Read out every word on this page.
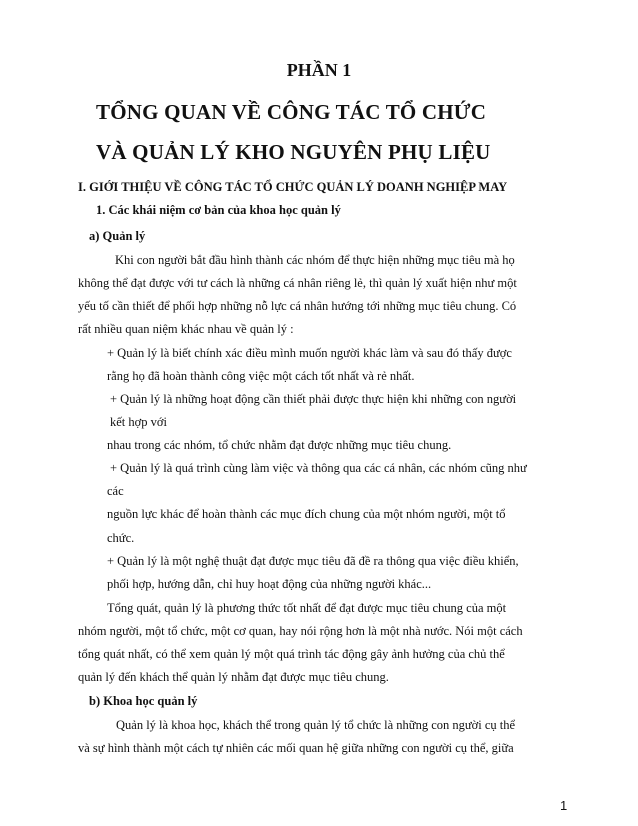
PHẦN 1
TỔNG QUAN VỀ CÔNG TÁC TỔ CHỨC
VÀ QUẢN LÝ KHO NGUYÊN PHỤ LIỆU
I. GIỚI THIỆU VỀ CÔNG TÁC TỔ CHỨC QUẢN LÝ DOANH NGHIỆP MAY
1. Các khái niệm cơ bản của khoa học quản lý
a) Quản lý
Khi con người bắt đầu hình thành các nhóm để thực hiện những mục tiêu mà họ
không thể đạt được với tư cách là những cá nhân riêng lẻ, thì quản lý xuất hiện như một
yếu tố cần thiết để phối hợp những nỗ lực cá nhân hướng tới những mục tiêu chung. Có
rất nhiều quan niệm khác nhau về quản lý :
+ Quản lý là biết chính xác điều mình muốn người khác làm và sau đó thấy được
rằng họ đã hoàn thành công việc một cách tốt nhất và rẻ nhất.
+ Quản lý là những hoạt động cần thiết phải được thực hiện khi những con người
kết hợp với
nhau trong các nhóm, tổ chức nhằm đạt được những mục tiêu chung.
+ Quản lý là quá trình cùng làm việc và thông qua các cá nhân, các nhóm cũng như
các
nguồn lực khác để hoàn thành các mục đích chung của một nhóm người, một tổ
chức.
+ Quản lý là một nghệ thuật đạt được mục tiêu đã đề ra thông qua việc điều khiển,
phối hợp, hướng dẫn, chỉ huy hoạt động của những người khác...
Tổng quát, quản lý là phương thức tốt nhất để đạt được mục tiêu chung của một
nhóm người, một tổ chức, một cơ quan, hay nói rộng hơn là một nhà nước. Nói một cách
tổng quát nhất, có thể xem quản lý một quá trình tác động gây ảnh hưởng của chủ thể
quản lý đến khách thể quản lý nhằm đạt được mục tiêu chung.
b) Khoa học quản lý
Quản lý là khoa học, khách thể trong quản lý tổ chức là những con người cụ thể
và sự hình thành một cách tự nhiên các mối quan hệ giữa những con người cụ thể, giữa
1
